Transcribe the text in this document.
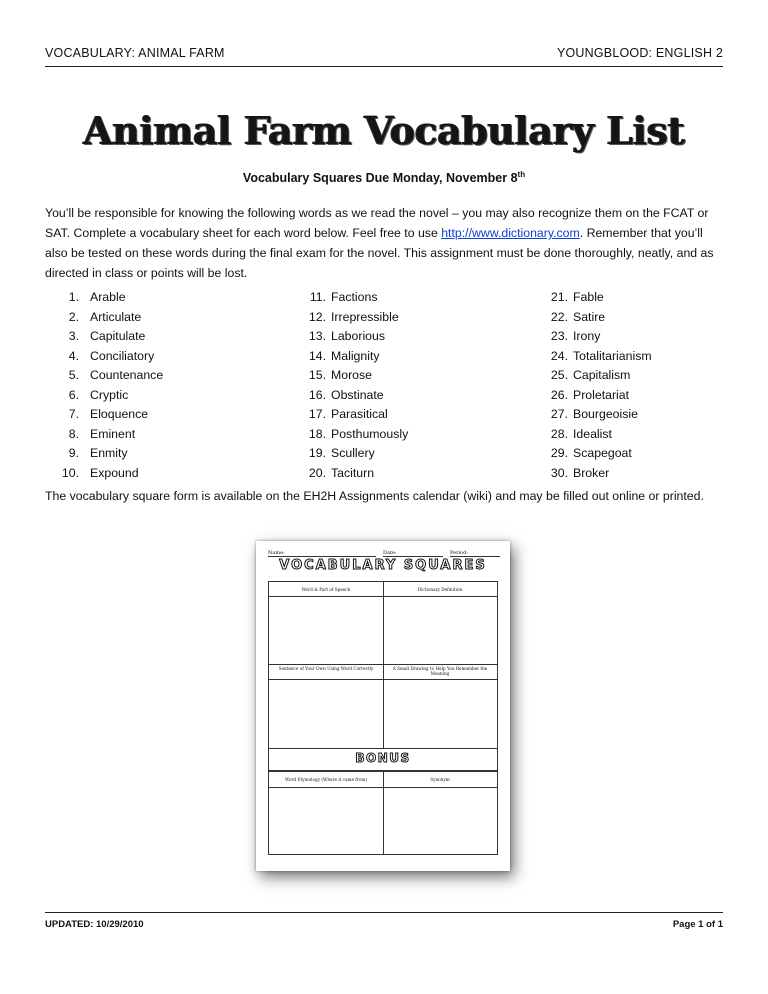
VOCABULARY: ANIMAL FARM	YOUNGBLOOD: ENGLISH 2
Animal Farm Vocabulary List
Vocabulary Squares Due Monday, November 8th
You’ll be responsible for knowing the following words as we read the novel – you may also recognize them on the FCAT or SAT. Complete a vocabulary sheet for each word below. Feel free to use http://www.dictionary.com. Remember that you’ll also be tested on these words during the final exam for the novel. This assignment must be done thoroughly, neatly, and as directed in class or points will be lost.
1. Arable
2. Articulate
3. Capitulate
4. Conciliatory
5. Countenance
6. Cryptic
7. Eloquence
8. Eminent
9. Enmity
10. Expound
11. Factions
12. Irrepressible
13. Laborious
14. Malignity
15. Morose
16. Obstinate
17. Parasitical
18. Posthumously
19. Scullery
20. Taciturn
21. Fable
22. Satire
23. Irony
24. Totalitarianism
25. Capitalism
26. Proletariat
27. Bourgeoisie
28. Idealist
29. Scapegoat
30. Broker
The vocabulary square form is available on the EH2H Assignments calendar (wiki) and may be filled out online or printed.
Name:	Date:	Period:
VOCABULARY SQUARES
Word & Part of Speech	Dictionary Definition
Sentence of Your Own Using Word Correctly	A Small Drawing to Help You Remember the Meaning
BONUS
Word Etymology (Where it came from)	Synonym
UPDATED: 10/29/2010	Page 1 of 1
